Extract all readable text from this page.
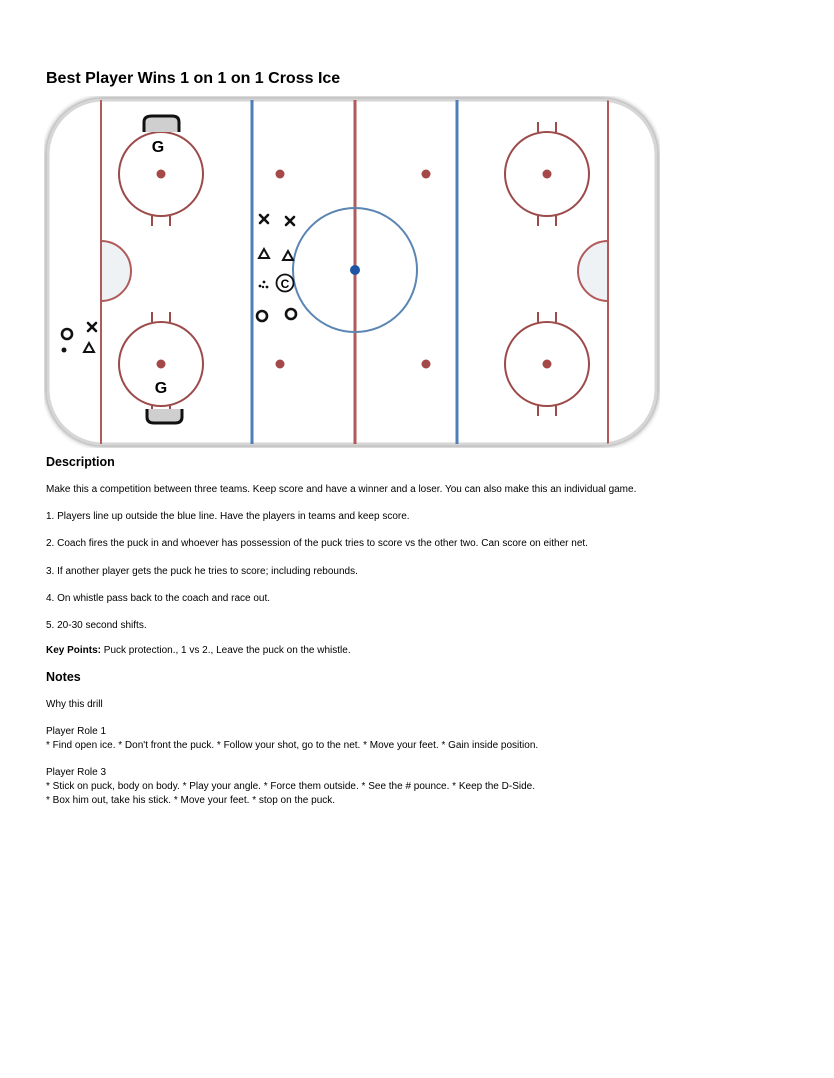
Best Player Wins 1 on 1 on 1 Cross Ice
G
G
C
Description

Make this a competition between three teams. Keep score and have a winner and a loser. You can also make this an individual game.

1. Players line up outside the blue line. Have the players in teams and keep score.

2. Coach fires the puck in and whoever has possession of the puck tries to score vs the other two. Can score on either net.

3. If another player gets the puck he tries to score; including rebounds.

4. On whistle pass back to the coach and race out.

5. 20-30 second shifts.

Key Points: Puck protection., 1 vs 2., Leave the puck on the whistle.

Notes

Why this drill

Player Role 1

* Find open ice. * Don't front the puck. * Follow your shot, go to the net. * Move your feet. * Gain inside position.

Player Role 3

* Stick on puck, body on body. * Play your angle. * Force them outside. * See the # pounce. * Keep the D-Side.

* Box him out, take his stick. * Move your feet. * stop on the puck.
